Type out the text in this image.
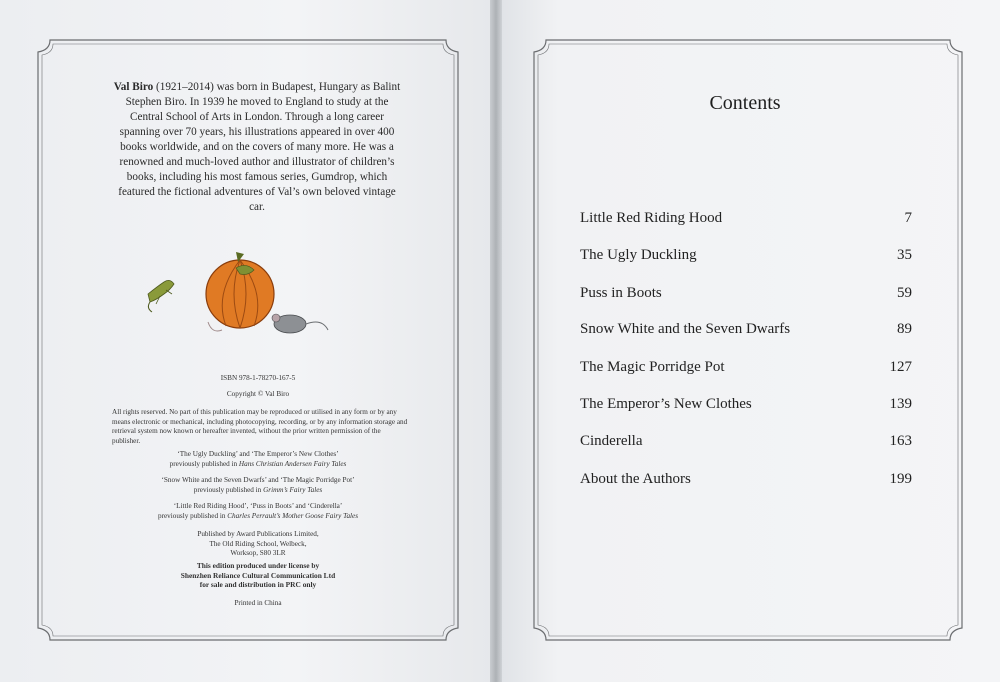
Val Biro (1921–2014) was born in Budapest, Hungary as Balint Stephen Biro. In 1939 he moved to England to study at the Central School of Arts in London. Through a long career spanning over 70 years, his illustrations appeared in over 400 books worldwide, and on the covers of many more. He was a renowned and much-loved author and illustrator of children’s books, including his most famous series, Gumdrop, which featured the fictional adventures of Val’s own beloved vintage car.
ISBN 978-1-78270-167-5
Copyright © Val Biro
All rights reserved. No part of this publication may be reproduced or utilised in any form or by any means electronic or mechanical, including photocopying, recording, or by any information storage and retrieval system now known or hereafter invented, without the prior written permission of the publisher.
‘The Ugly Duckling’ and ‘The Emperor’s New Clothes’
previously published in Hans Christian Andersen Fairy Tales
‘Snow White and the Seven Dwarfs’ and ‘The Magic Porridge Pot’
previously published in Grimm’s Fairy Tales
‘Little Red Riding Hood’, ‘Puss in Boots’ and ‘Cinderella’
previously published in Charles Perrault’s Mother Goose Fairy Tales
Published by Award Publications Limited,
The Old Riding School, Welbeck,
Worksop, S80 3LR
This edition produced under license by
Shenzhen Reliance Cultural Communication Ltd
for sale and distribution in PRC only
Printed in China
Contents
Little Red Riding Hood	7
The Ugly Duckling	35
Puss in Boots	59
Snow White and the Seven Dwarfs	89
The Magic Porridge Pot	127
The Emperor’s New Clothes	139
Cinderella	163
About the Authors	199
